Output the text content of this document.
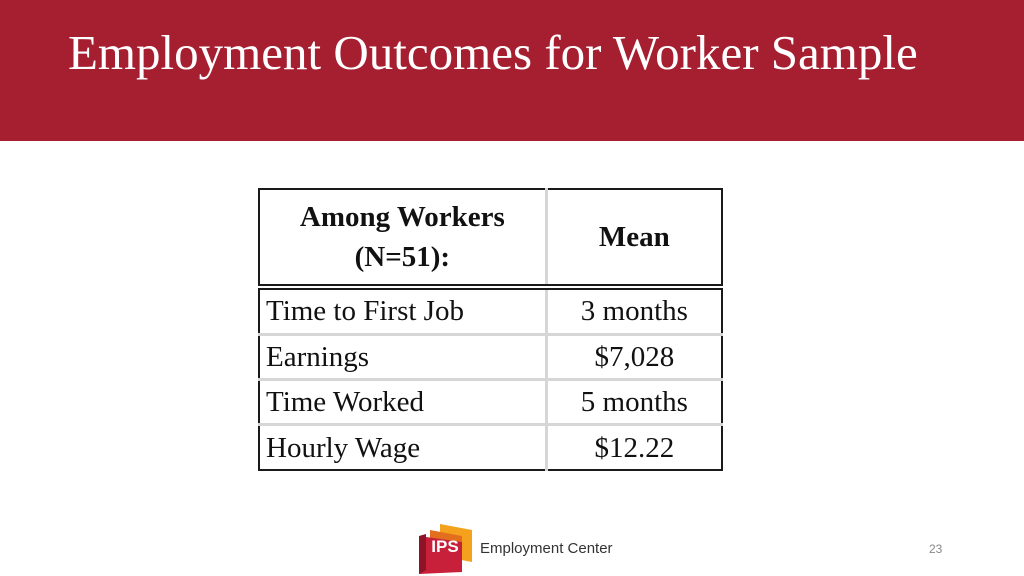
Employment Outcomes for Worker Sample
Among Workers
(N=51):	Mean
Time to First Job	3 months
Earnings	$7,028
Time Worked	5 months
Hourly Wage	$12.22
IPS Employment Center	23
